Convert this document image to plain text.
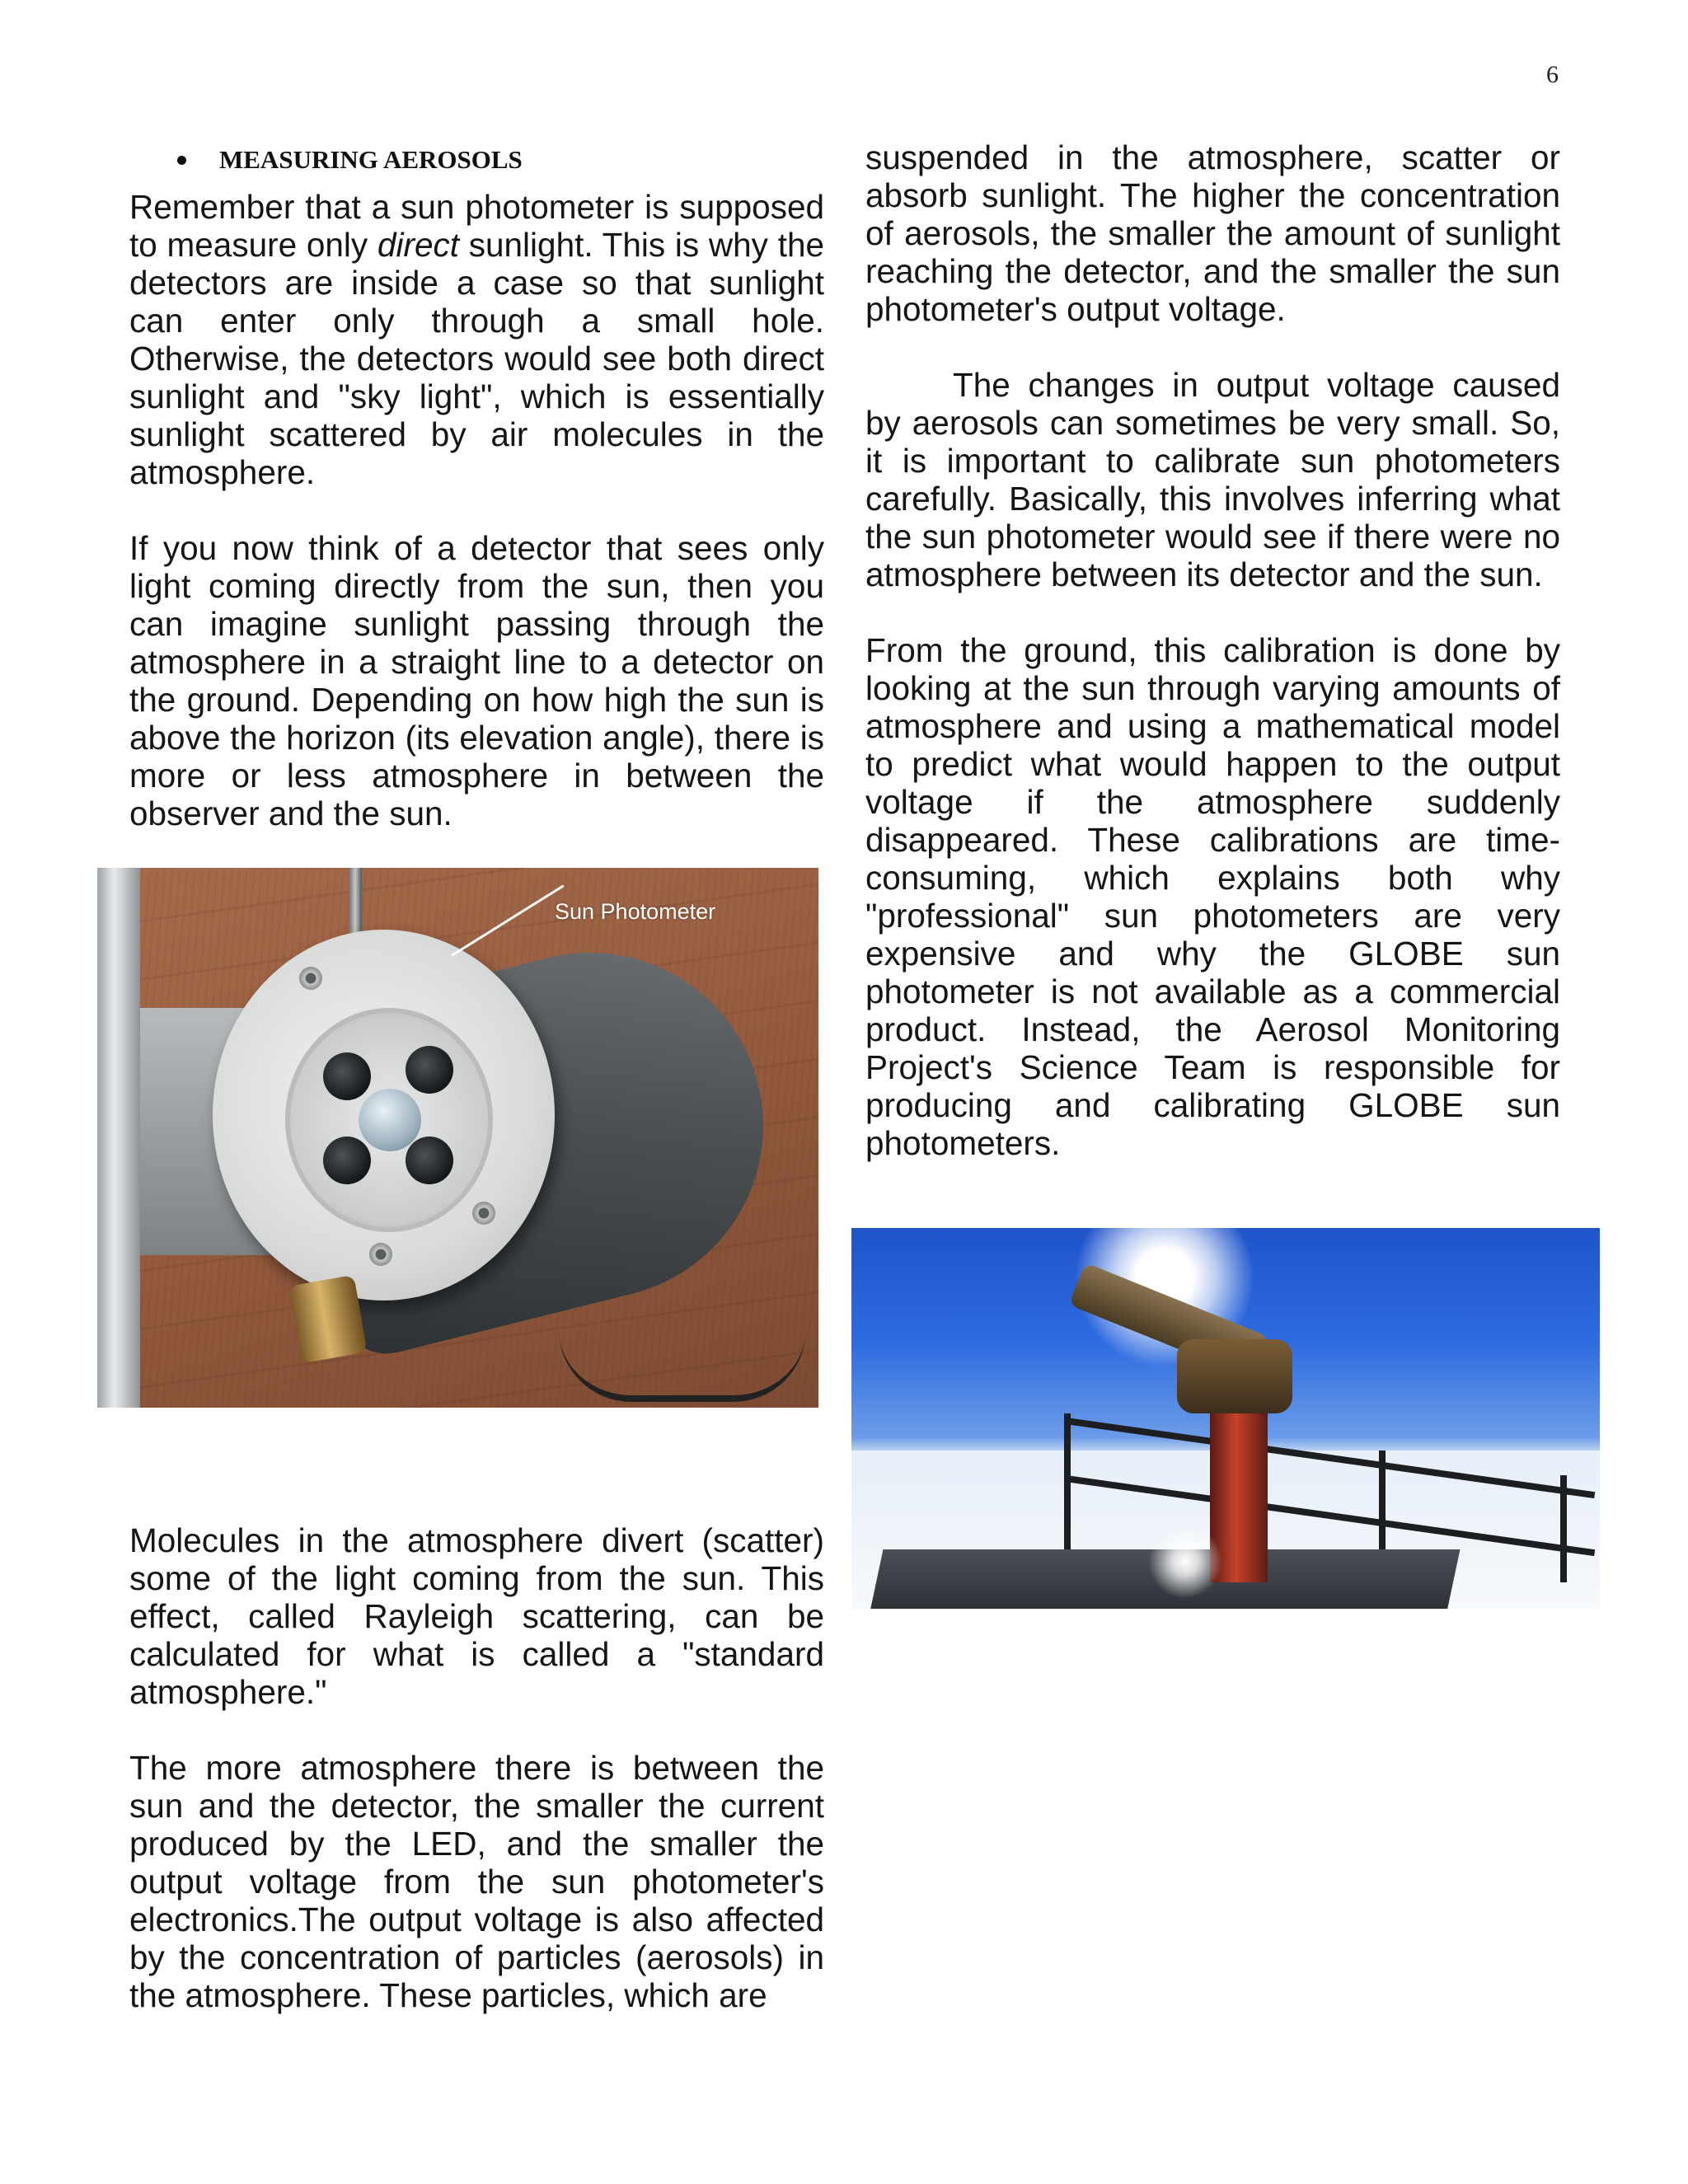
6
MEASURING AEROSOLS

Remember that a sun photometer is supposed to measure only direct sunlight. This is why the detectors are inside a case so that sunlight can enter only through a small hole. Otherwise, the detectors would see both direct sunlight and "sky light", which is essentially sunlight scattered by air molecules in the atmosphere.

If you now think of a detector that sees only light coming directly from the sun, then you can imagine sunlight passing through the atmosphere in a straight line to a detector on the ground. Depending on how high the sun is above the horizon (its elevation angle), there is more or less atmosphere in between the observer and the sun.

Sun Photometer

Molecules in the atmosphere divert (scatter) some of the light coming from the sun. This effect, called Rayleigh scattering, can be calculated for what is called a "standard atmosphere."

The more atmosphere there is between the sun and the detector, the smaller the current produced by the LED, and the smaller the output voltage from the sun photometer's electronics.The output voltage is also affected by the concentration of particles (aerosols) in the atmosphere. These particles, which are

suspended in the atmosphere, scatter or absorb sunlight. The higher the concentration of aerosols, the smaller the amount of sunlight reaching the detector, and the smaller the sun photometer's output voltage.

The changes in output voltage caused by aerosols can sometimes be very small. So, it is important to calibrate sun photometers carefully. Basically, this involves inferring what the sun photometer would see if there were no atmosphere between its detector and the sun.

From the ground, this calibration is done by looking at the sun through varying amounts of atmosphere and using a mathematical model to predict what would happen to the output voltage if the atmosphere suddenly disappeared. These calibrations are time-consuming, which explains both why "professional" sun photometers are very expensive and why the GLOBE sun photometer is not available as a commercial product. Instead, the Aerosol Monitoring Project's Science Team is responsible for producing and calibrating GLOBE sun photometers.
